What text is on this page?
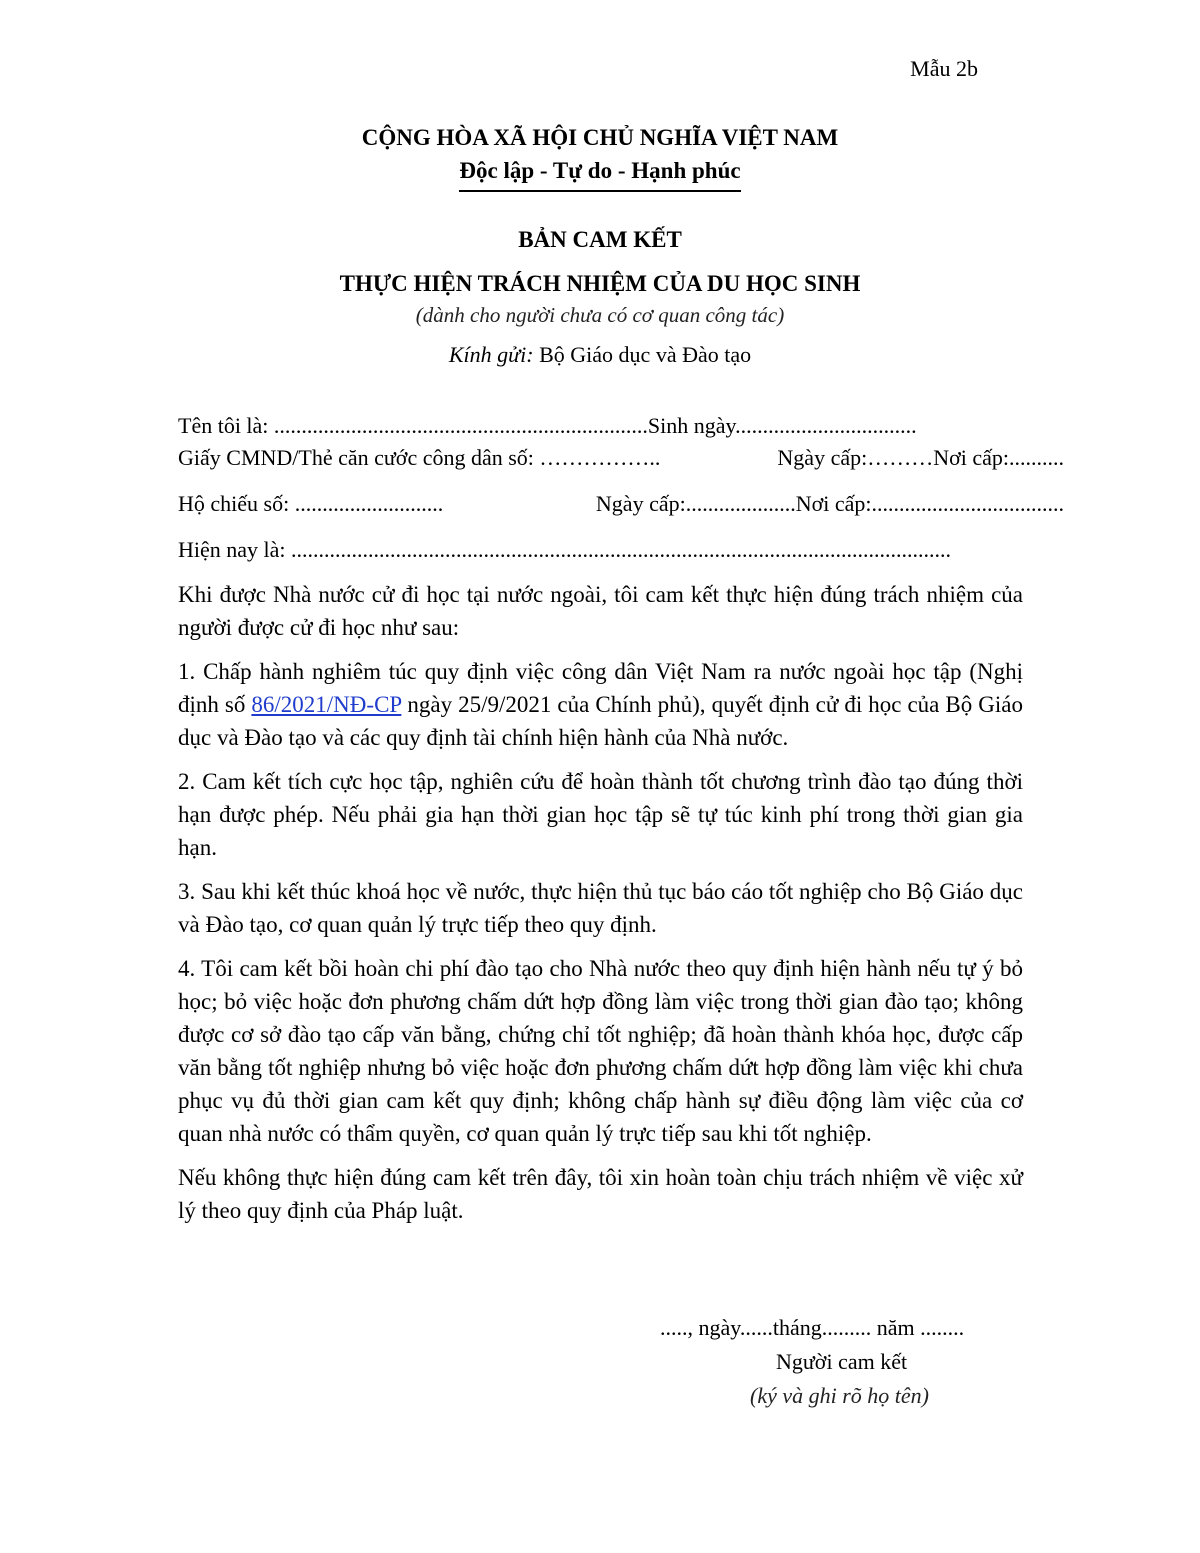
Mẫu 2b
CỘNG HÒA XÃ HỘI CHỦ NGHĨA VIỆT NAM
Độc lập - Tự do - Hạnh phúc
BẢN CAM KẾT
THỰC HIỆN TRÁCH NHIỆM CỦA DU HỌC SINH
(dành cho người chưa có cơ quan công tác)
Kính gửi: Bộ Giáo dục và Đào tạo
Tên tôi là: ....................................................................Sinh ngày.................................
Giấy CMND/Thẻ căn cước công dân số: ……………..	Ngày cấp:………Nơi cấp:..........
Hộ chiếu số: ...........................	Ngày cấp:....................Nơi cấp:...................................
Hiện nay là: ........................................................................................................................

Khi được Nhà nước cử đi học tại nước ngoài, tôi cam kết thực hiện đúng trách nhiệm của người được cử đi học như sau:

1. Chấp hành nghiêm túc quy định việc công dân Việt Nam ra nước ngoài học tập (Nghị định số 86/2021/NĐ-CP ngày 25/9/2021 của Chính phủ), quyết định cử đi học của Bộ Giáo dục và Đào tạo và các quy định tài chính hiện hành của Nhà nước.

2. Cam kết tích cực học tập, nghiên cứu để hoàn thành tốt chương trình đào tạo đúng thời hạn được phép. Nếu phải gia hạn thời gian học tập sẽ tự túc kinh phí trong thời gian gia hạn.

3. Sau khi kết thúc khoá học về nước, thực hiện thủ tục báo cáo tốt nghiệp cho Bộ Giáo dục và Đào tạo, cơ quan quản lý trực tiếp theo quy định.

4. Tôi cam kết bồi hoàn chi phí đào tạo cho Nhà nước theo quy định hiện hành nếu tự ý bỏ học; bỏ việc hoặc đơn phương chấm dứt hợp đồng làm việc trong thời gian đào tạo; không được cơ sở đào tạo cấp văn bằng, chứng chỉ tốt nghiệp; đã hoàn thành khóa học, được cấp văn bằng tốt nghiệp nhưng bỏ việc hoặc đơn phương chấm dứt hợp đồng làm việc khi chưa phục vụ đủ thời gian cam kết quy định; không chấp hành sự điều động làm việc của cơ quan nhà nước có thẩm quyền, cơ quan quản lý trực tiếp sau khi tốt nghiệp.

Nếu không thực hiện đúng cam kết trên đây, tôi xin hoàn toàn chịu trách nhiệm về việc xử lý theo quy định của Pháp luật.

....., ngày......tháng......... năm ........
Người cam kết
(ký và ghi rõ họ tên)
